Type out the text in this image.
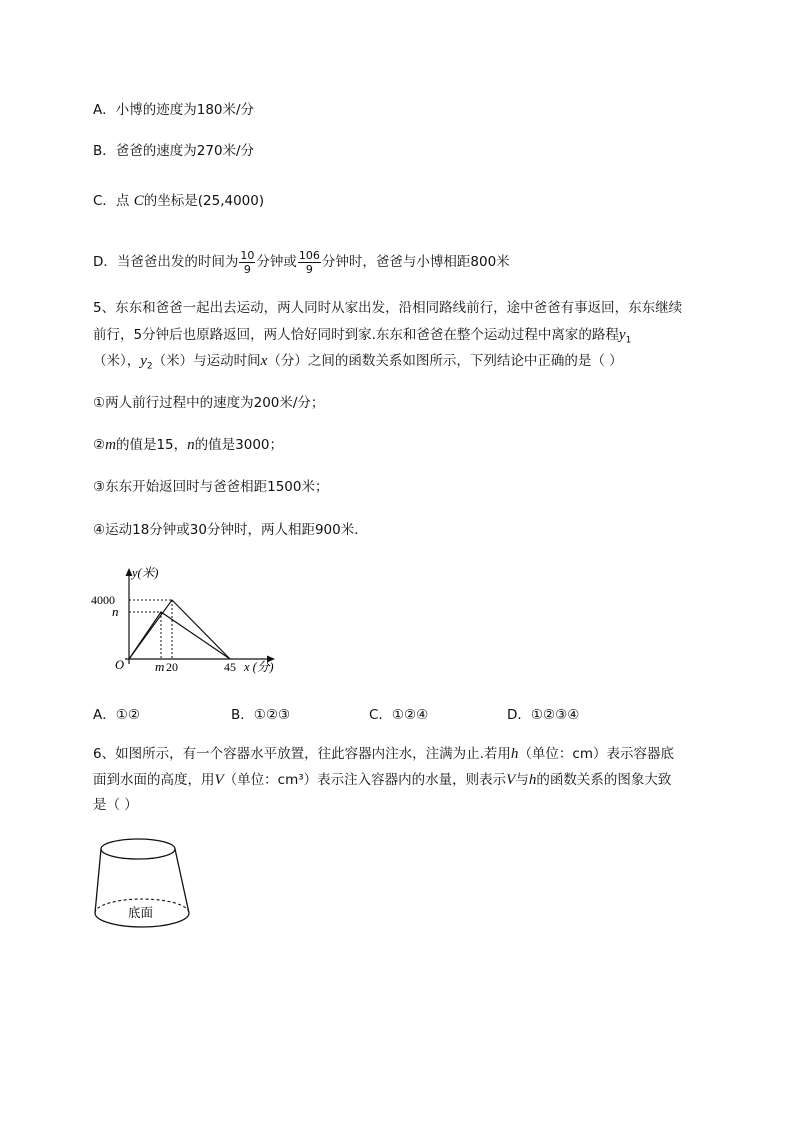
A．小博的迹度为180米/分
B．爸爸的速度为270米/分
C．点 C的坐标是(25,4000)
D．当爸爸出发的时间为 $\frac{10}{9}$ 分钟或 $\frac{106}{9}$ 分钟时，爸爸与小博相距800米
5、东东和爸爸一起出去运动，两人同时从家出发，沿相同路线前行，途中爸爸有事返回，东东继续
前行，5分钟后也原路返回，两人恰好同时到家.东东和爸爸在整个运动过程中离家的路程$y_1$
（米），$y_2$（米）与运动时间x（分）之间的函数关系如图所示，下列结论中正确的是（ ）
①两人前行过程中的速度为200米/分；
②m的值是15，n的值是3000；
③东东开始返回时与爸爸相距1500米；
④运动18分钟或30分钟时，两人相距900米．
y(米)
4000
n
O m 20	45 x (分)
A．①②	B．①②③	C．①②④	D．①②③④
6、如图所示，有一个容器水平放置，往此容器内注水，注满为止.若用h（单位：cm）表示容器底
面到水面的高度，用V（单位：cm³）表示注入容器内的水量，则表示V与h的函数关系的图象大致
是（ ）
底面
